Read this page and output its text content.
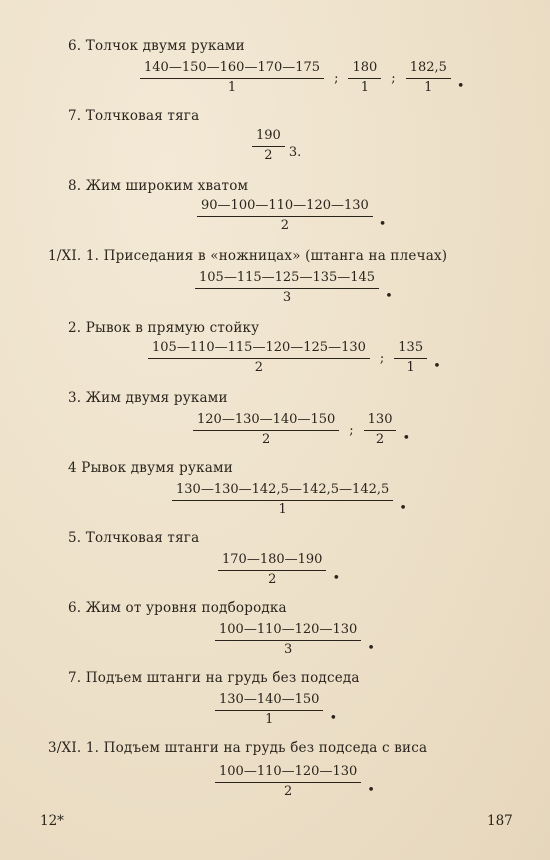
6. Толчок двумя руками
$\frac{140—150—160—170—175}{1}$ ; $\frac{180}{1}$ ; $\frac{182,5}{1}$ •
7. Толчковая тяга
$\frac{190}{2} 3$.
8. Жим широким хватом
$\frac{90—100—110—120—130}{2}$ •
1/XI. 1. Приседания в «ножницах» (штанга на плечах)
$\frac{105—115—125—135—145}{3}$ •
2. Рывок в прямую стойку
$\frac{105—110—115—120—125—130}{2}$ ; $\frac{135}{1}$ •
3. Жим двумя руками
$\frac{120—130—140—150}{2}$ ; $\frac{130}{2}$ •
4 Рывок двумя руками
$\frac{130—130—142,5—142,5—142,5}{1}$ •
5. Толчковая тяга
$\frac{170—180—190}{2}$ •
6. Жим от уровня подбородка
$\frac{100—110—120—130}{3}$ •
7. Подъем штанги на грудь без подседа
$\frac{130—140—150}{1}$ •
3/XI. 1. Подъем штанги на грудь без подседа с виса
$\frac{100—110—120—130}{2}$ •
12*	187
